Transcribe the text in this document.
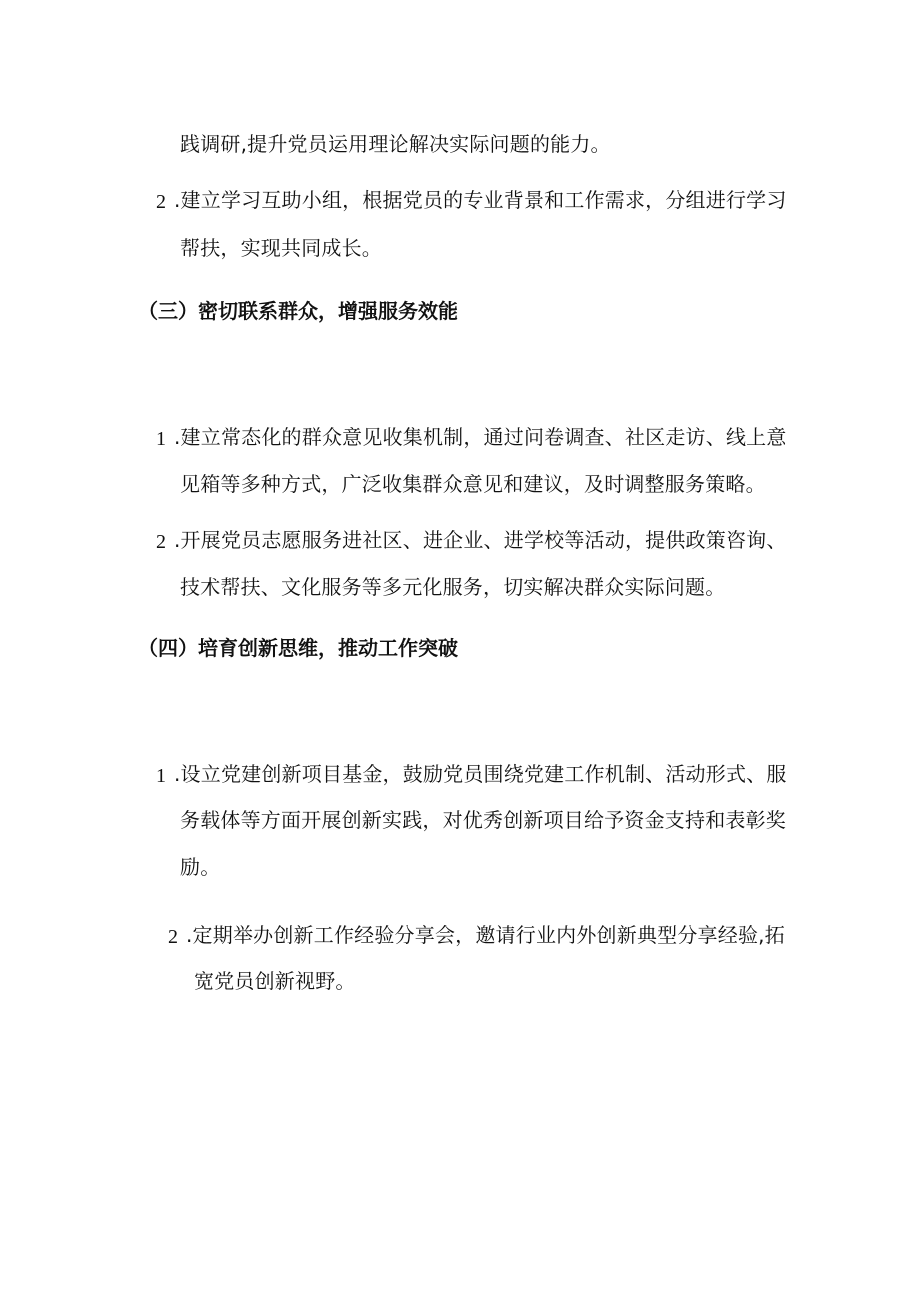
践调研,提升党员运用理论解决实际问题的能力。
2 .建立学习互助小组，根据党员的专业背景和工作需求，分组进行学习
帮扶，实现共同成长。
（三）密切联系群众，增强服务效能
1 .建立常态化的群众意见收集机制，通过问卷调查、社区走访、线上意
见箱等多种方式，广泛收集群众意见和建议，及时调整服务策略。
2 .开展党员志愿服务进社区、进企业、进学校等活动，提供政策咨询、
技术帮扶、文化服务等多元化服务，切实解决群众实际问题。
（四）培育创新思维，推动工作突破
1 .设立党建创新项目基金，鼓励党员围绕党建工作机制、活动形式、服
务载体等方面开展创新实践，对优秀创新项目给予资金支持和表彰奖
励。
2 .定期举办创新工作经验分享会，邀请行业内外创新典型分享经验,拓
宽党员创新视野。
